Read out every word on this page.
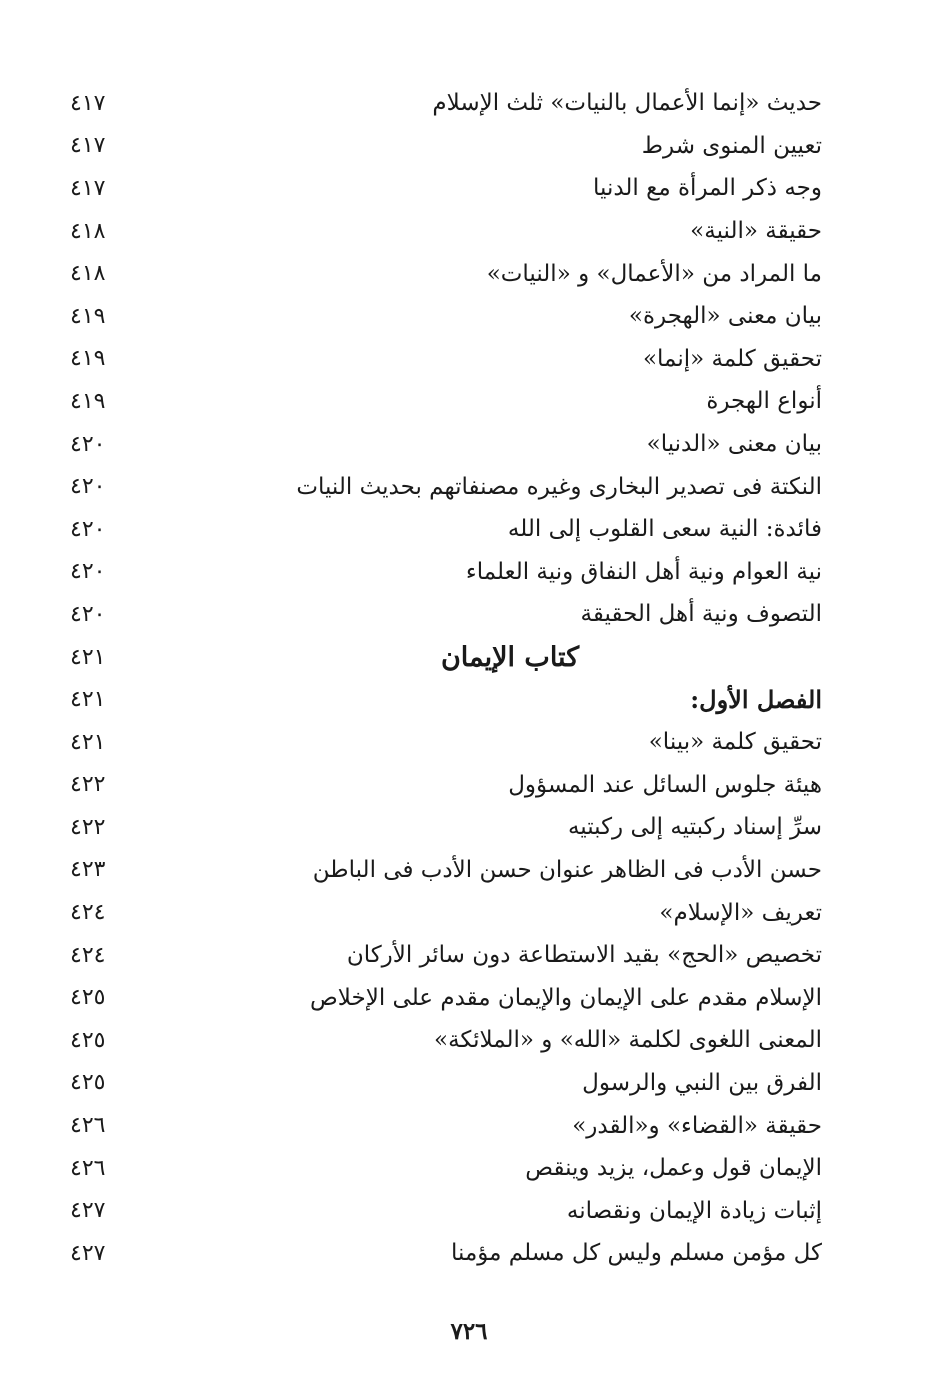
حديث «إنما الأعمال بالنيات» ثلث الإسلام
٤١٧
تعيين المنوى شرط
٤١٧
وجه ذكر المرأة مع الدنيا
٤١٧
حقيقة «النية»
٤١٨
ما المراد من «الأعمال» و «النيات»
٤١٨
بيان معنى «الهجرة»
٤١٩
تحقيق كلمة «إنما»
٤١٩
أنواع الهجرة
٤١٩
بيان معنى «الدنيا»
٤٢٠
النكتة فى تصدير البخارى وغيره مصنفاتهم بحديث النيات
٤٢٠
فائدة: النية سعى القلوب إلى الله
٤٢٠
نية العوام ونية أهل النفاق ونية العلماء
٤٢٠
التصوف ونية أهل الحقيقة
٤٢٠
كتاب الإيمان
٤٢١
الفصل الأول:
٤٢١
تحقيق كلمة «بينا»
٤٢١
هيئة جلوس السائل عند المسؤول
٤٢٢
سرِّ إسناد ركبتيه إلى ركبتيه
٤٢٢
حسن الأدب فى الظاهر عنوان حسن الأدب فى الباطن
٤٢٣
تعريف «الإسلام»
٤٢٤
تخصيص «الحج» بقيد الاستطاعة دون سائر الأركان
٤٢٤
الإسلام مقدم على الإيمان والإيمان مقدم على الإخلاص
٤٢٥
المعنى اللغوى لكلمة «الله» و «الملائكة»
٤٢٥
الفرق بين النبي والرسول
٤٢٥
حقيقة «القضاء» و«القدر»
٤٢٦
الإيمان قول وعمل، يزيد وينقص
٤٢٦
إثبات زيادة الإيمان ونقصانه
٤٢٧
كل مؤمن مسلم وليس كل مسلم مؤمنا
٤٢٧
٧٢٦
